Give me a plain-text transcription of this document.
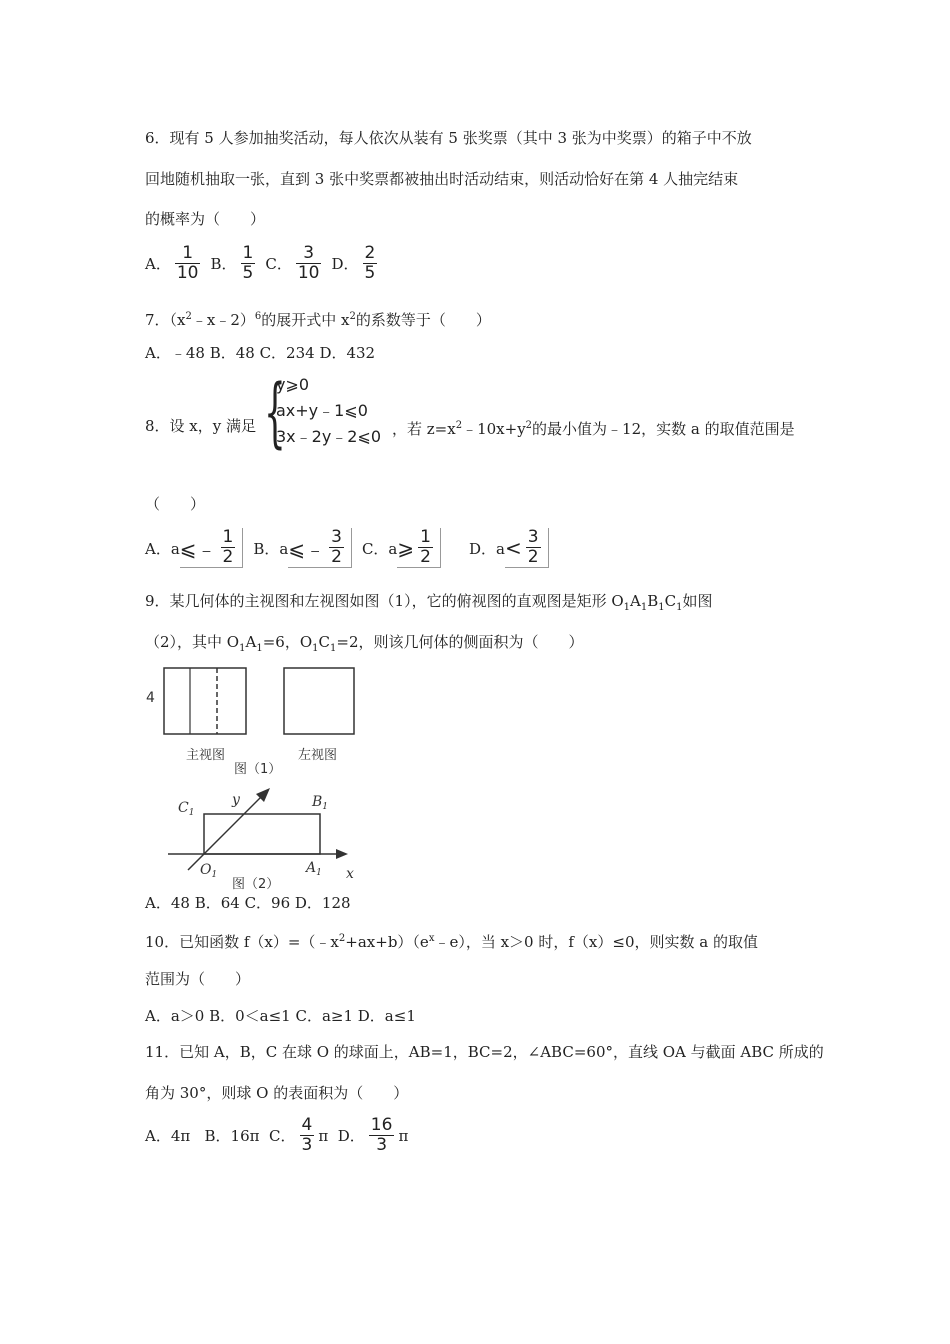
6．现有 5 人参加抽奖活动，每人依次从装有 5 张奖票（其中 3 张为中奖票）的箱子中不放
回地随机抽取一张，直到 3 张中奖票都被抽出时活动结束，则活动恰好在第 4 人抽完结束
的概率为（　　）
A． $\frac{1}{10}$ B． $\frac{1}{5}$ C． $\frac{3}{10}$ D． $\frac{2}{5}$
7．$(x^2﹣x﹣2)^6$的展开式中 $x^2$的系数等于（　　）
A．﹣48 B．48 C．234 D．432
8．设 x，y 满足 {
y⩾0
ax+y﹣1⩽0
3x﹣2y﹣2⩽0 ，若 $z=x^2﹣10x+y^2$的最小值为﹣12，实数 a 的取值范围是
（　　）
A．a ⩽﹣ $\frac{1}{2}$ B．a ⩽﹣ $\frac{3}{2}$ C．a ⩾ $\frac{1}{2}$ D．$a < \frac{3}{2}$
9．某几何体的主视图和左视图如图（1），它的俯视图的直观图是矩形 $O_1A_1B_1C_1$如图
（2），其中 $O_1A_1=6$，$O_1C_1=2$，则该几何体的侧面积为（　　）
4
主视图	左视图
图（1）
$C_1$
y	$B_1$
$O_1$	$A_1$ x
图（2）
A．48 B．64 C．96 D．128
10．已知函数 $f(x)=(﹣x^2+ax+b)(e^x﹣e)$，当 x＞0 时，f（x）≤0，则实数 a 的取值
范围为（　　）
A．a＞0 B．0＜a≤1 C．a≥1 D．a≤1
11．已知 A，B，C 在球 O 的球面上，AB=1，BC=2，∠ABC=60°，直线 OA 与截面 ABC 所成的
角为 30°，则球 O 的表面积为（　　）
A．4π   B．16π  C． $\frac{4}{3}$ π D． $\frac{16}{3}$ π
